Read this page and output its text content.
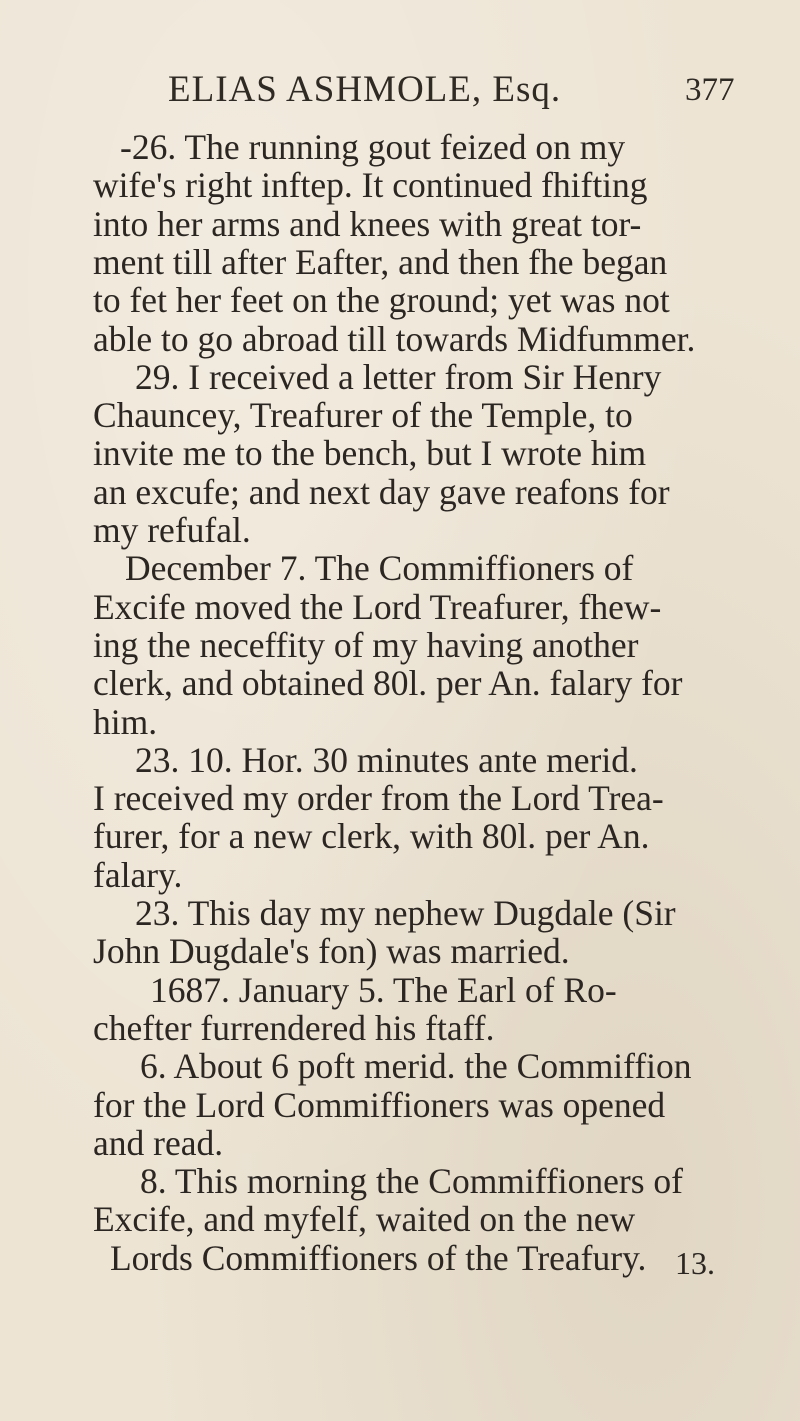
ELIAS ASHMOLE, Esq.	377
-26. The running gout feized on my
wife's right inftep. It continued fhifting
into her arms and knees with great tor-
ment till after Eafter, and then fhe began
to fet her feet on the ground; yet was not
able to go abroad till towards Midfummer.
29. I received a letter from Sir Henry
Chauncey, Treafurer of the Temple, to
invite me to the bench, but I wrote him
an excufe; and next day gave reafons for
my refufal.
December 7. The Commiffioners of
Excife moved the Lord Treafurer, fhew-
ing the neceffity of my having another
clerk, and obtained 80l. per An. falary for
him.
23. 10. Hor. 30 minutes ante merid.
I received my order from the Lord Trea-
furer, for a new clerk, with 80l. per An.
falary.
23. This day my nephew Dugdale (Sir
John Dugdale's fon) was married.
1687. January 5. The Earl of Ro-
chefter furrendered his ftaff.
6. About 6 poft merid. the Commiffion
for the Lord Commiffioners was opened
and read.
8. This morning the Commiffioners of
Excife, and myfelf, waited on the new
Lords Commiffioners of the Treafury. 13.
